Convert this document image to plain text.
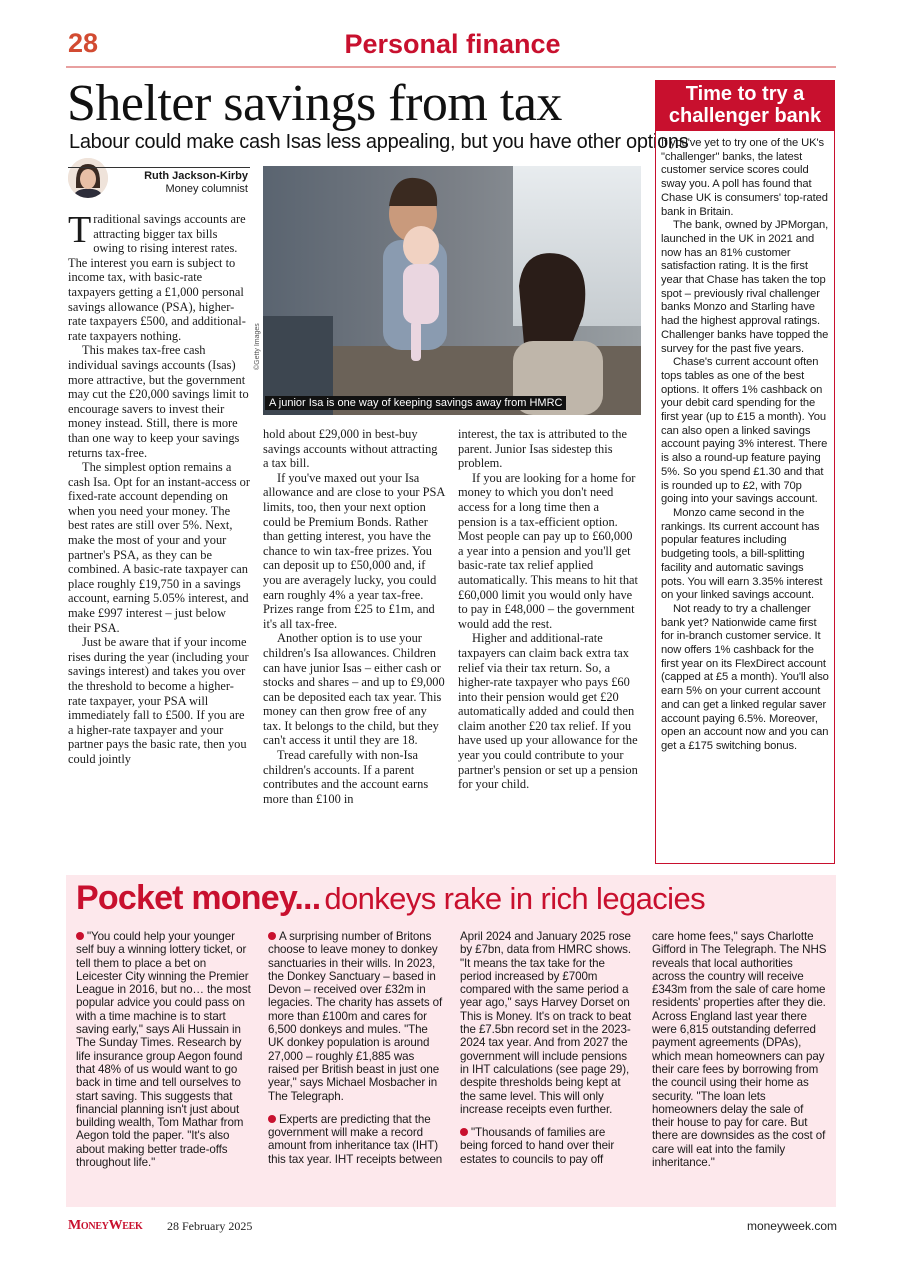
28	Personal finance
Shelter savings from tax
Labour could make cash Isas less appealing, but you have other options
Ruth Jackson-Kirby
Money columnist
©Getty Images
A junior Isa is one way of keeping savings away from HMRC

Traditional savings accounts are attracting bigger tax bills owing to rising interest rates. The interest you earn is subject to income tax, with basic-rate taxpayers getting a £1,000 personal savings allowance (PSA), higher-rate taxpayers £500, and additional-rate taxpayers nothing.

This makes tax-free cash individual savings accounts (Isas) more attractive, but the government may cut the £20,000 savings limit to encourage savers to invest their money instead. Still, there is more than one way to keep your savings returns tax-free.

The simplest option remains a cash Isa. Opt for an instant-access or fixed-rate account depending on when you need your money. The best rates are still over 5%. Next, make the most of your and your partner's PSA, as they can be combined. A basic-rate taxpayer can place roughly £19,750 in a savings account, earning 5.05% interest, and make £997 interest – just below their PSA.

Just be aware that if your income rises during the year (including your savings interest) and takes you over the threshold to become a higher-rate taxpayer, your PSA will immediately fall to £500. If you are a higher-rate taxpayer and your partner pays the basic rate, then you could jointly

hold about £29,000 in best-buy savings accounts without attracting a tax bill.

If you've maxed out your Isa allowance and are close to your PSA limits, too, then your next option could be Premium Bonds. Rather than getting interest, you have the chance to win tax-free prizes. You can deposit up to £50,000 and, if you are averagely lucky, you could earn roughly 4% a year tax-free. Prizes range from £25 to £1m, and it's all tax-free.

Another option is to use your children's Isa allowances. Children can have junior Isas – either cash or stocks and shares – and up to £9,000 can be deposited each tax year. This money can then grow free of any tax. It belongs to the child, but they can't access it until they are 18.

Tread carefully with non-Isa children's accounts. If a parent contributes and the account earns more than £100 in

interest, the tax is attributed to the parent. Junior Isas sidestep this problem.

If you are looking for a home for money to which you don't need access for a long time then a pension is a tax-efficient option. Most people can pay up to £60,000 a year into a pension and you'll get basic-rate tax relief applied automatically. This means to hit that £60,000 limit you would only have to pay in £48,000 – the government would add the rest.

Higher and additional-rate taxpayers can claim back extra tax relief via their tax return. So, a higher-rate taxpayer who pays £60 into their pension would get £20 automatically added and could then claim another £20 tax relief. If you have used up your allowance for the year you could contribute to your partner's pension or set up a pension for your child.

Time to try a
challenger bank

If you've yet to try one of the UK's "challenger" banks, the latest customer service scores could sway you. A poll has found that Chase UK is consumers' top-rated bank in Britain.

The bank, owned by JPMorgan, launched in the UK in 2021 and now has an 81% customer satisfaction rating. It is the first year that Chase has taken the top spot – previously rival challenger banks Monzo and Starling have had the highest approval ratings. Challenger banks have topped the survey for the past five years.

Chase's current account often tops tables as one of the best options. It offers 1% cashback on your debit card spending for the first year (up to £15 a month). You can also open a linked savings account paying 3% interest. There is also a round-up feature paying 5%. So you spend £1.30 and that is rounded up to £2, with 70p going into your savings account.

Monzo came second in the rankings. Its current account has popular features including budgeting tools, a bill-splitting facility and automatic savings pots. You will earn 3.35% interest on your linked savings account.

Not ready to try a challenger bank yet? Nationwide came first for in-branch customer service. It now offers 1% cashback for the first year on its FlexDirect account (capped at £5 a month). You'll also earn 5% on your current account and can get a linked regular saver account paying 6.5%. Moreover, open an account now and you can get a £175 switching bonus.

Pocket money... donkeys rake in rich legacies

"You could help your younger self buy a winning lottery ticket, or tell them to place a bet on Leicester City winning the Premier League in 2016, but no… the most popular advice you could pass on with a time machine is to start saving early," says Ali Hussain in The Sunday Times. Research by life insurance group Aegon found that 48% of us would want to go back in time and tell ourselves to start saving. This suggests that financial planning isn't just about building wealth, Tom Mathar from Aegon told the paper. "It's also about making better trade-offs throughout life."

A surprising number of Britons choose to leave money to donkey sanctuaries in their wills. In 2023, the Donkey Sanctuary – based in Devon – received over £32m in legacies. The charity has assets of more than £100m and cares for 6,500 donkeys and mules. "The UK donkey population is around 27,000 – roughly £1,885 was raised per British beast in just one year," says Michael Mosbacher in The Telegraph.

Experts are predicting that the government will make a record amount from inheritance tax (IHT) this tax year. IHT receipts between

April 2024 and January 2025 rose by £7bn, data from HMRC shows. "It means the tax take for the period increased by £700m compared with the same period a year ago," says Harvey Dorset on This is Money. It's on track to beat the £7.5bn record set in the 2023-2024 tax year. And from 2027 the government will include pensions in IHT calculations (see page 29), despite thresholds being kept at the same level. This will only increase receipts even further.

"Thousands of families are being forced to hand over their estates to councils to pay off

care home fees," says Charlotte Gifford in The Telegraph. The NHS reveals that local authorities across the country will receive £343m from the sale of care home residents' properties after they die. Across England last year there were 6,815 outstanding deferred payment agreements (DPAs), which mean homeowners can pay their care fees by borrowing from the council using their home as security. "The loan lets homeowners delay the sale of their house to pay for care. But there are downsides as the cost of care will eat into the family inheritance."

MoneyWeek 28 February 2025	moneyweek.com
